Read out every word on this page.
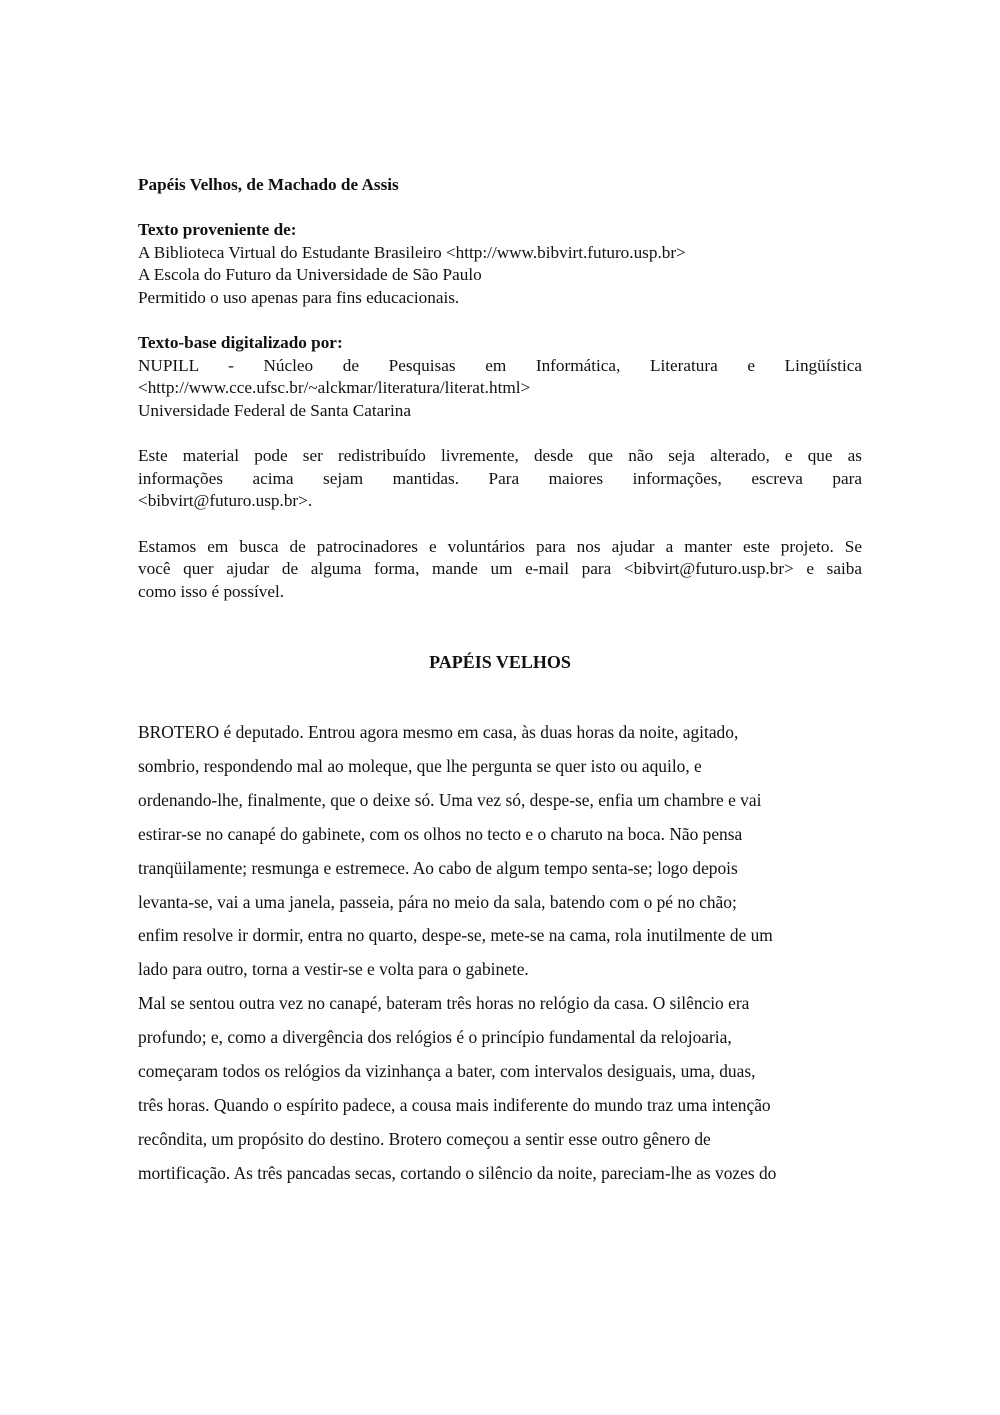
Papéis Velhos, de Machado de Assis
Texto proveniente de:
A Biblioteca Virtual do Estudante Brasileiro <http://www.bibvirt.futuro.usp.br>
A Escola do Futuro da Universidade de São Paulo
Permitido o uso apenas para fins educacionais.
Texto-base digitalizado por:
NUPILL - Núcleo de Pesquisas em Informática, Literatura e Lingüística
<http://www.cce.ufsc.br/~alckmar/literatura/literat.html>
Universidade Federal de Santa Catarina
Este material pode ser redistribuído livremente, desde que não seja alterado, e que as
informações acima sejam mantidas. Para maiores informações, escreva para
<bibvirt@futuro.usp.br>.
Estamos em busca de patrocinadores e voluntários para nos ajudar a manter este projeto. Se
você quer ajudar de alguma forma, mande um e-mail para <bibvirt@futuro.usp.br> e saiba
como isso é possível.
PAPÉIS VELHOS
BROTERO é deputado. Entrou agora mesmo em casa, às duas horas da noite, agitado,
sombrio, respondendo mal ao moleque, que lhe pergunta se quer isto ou aquilo, e
ordenando-lhe, finalmente, que o deixe só. Uma vez só, despe-se, enfia um chambre e vai
estirar-se no canapé do gabinete, com os olhos no tecto e o charuto na boca. Não pensa
tranqüilamente; resmunga e estremece. Ao cabo de algum tempo senta-se; logo depois
levanta-se, vai a uma janela, passeia, pára no meio da sala, batendo com o pé no chão;
enfim resolve ir dormir, entra no quarto, despe-se, mete-se na cama, rola inutilmente de um
lado para outro, torna a vestir-se e volta para o gabinete.
Mal se sentou outra vez no canapé, bateram três horas no relógio da casa. O silêncio era
profundo; e, como a divergência dos relógios é o princípio fundamental da relojoaria,
começaram todos os relógios da vizinhança a bater, com intervalos desiguais, uma, duas,
três horas. Quando o espírito padece, a cousa mais indiferente do mundo traz uma intenção
recôndita, um propósito do destino. Brotero começou a sentir esse outro gênero de
mortificação. As três pancadas secas, cortando o silêncio da noite, pareciam-lhe as vozes do
